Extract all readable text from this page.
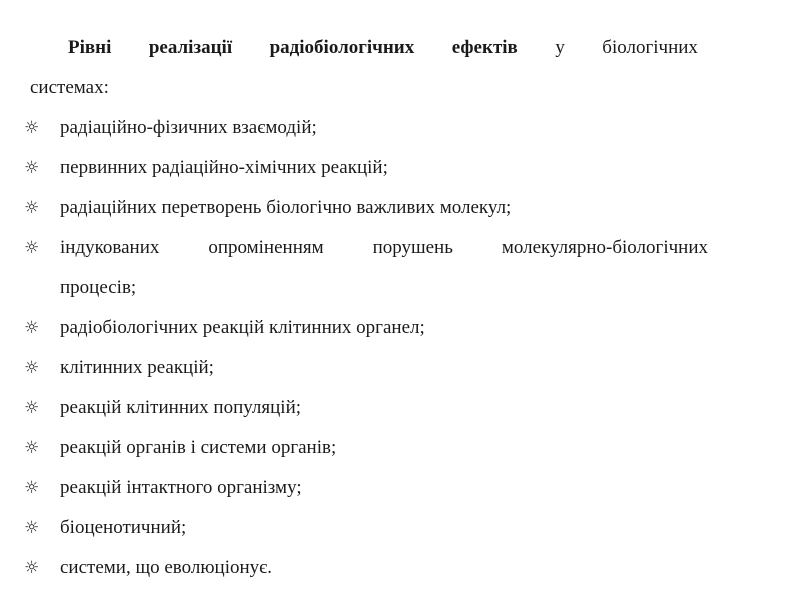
Рівні реалізації радіобіологічних ефектів у біологічних
системах:
☼ радіаційно-фізичних взаємодій;
☼ первинних радіаційно-хімічних реакцій;
☼ радіаційних перетворень біологічно важливих молекул;
☼ індукованих	опроміненням	порушень	молекулярно-біологічних
процесів;
☼ радіобіологічних реакцій клітинних органел;
☼ клітинних реакцій;
☼ реакцій клітинних популяцій;
☼ реакцій органів і системи органів;
☼ реакцій інтактного організму;
☼ біоценотичний;
☼ системи, що еволюціонує.
